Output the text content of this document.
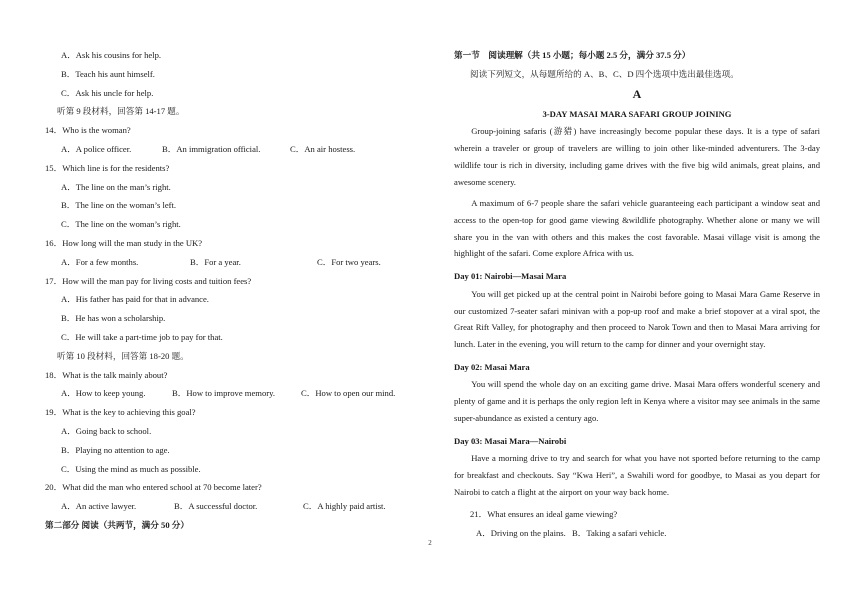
A．Ask his cousins for help.
B．Teach his aunt himself.
C．Ask his uncle for help.
听第 9 段材料，回答第 14-17 题。
14．Who is the woman?
A．A police officer.	B．An immigration official.	C．An air hostess.
15．Which line is for the residents?
A．The line on the man’s right.
B．The line on the woman’s left.
C．The line on the woman’s right.
16．How long will the man study in the UK?
A．For a few months.	B．For a year.	C．For two years.
17．How will the man pay for living costs and tuition fees?
A．His father has paid for that in advance.
B．He has won a scholarship.
C．He will take a part-time job to pay for that.
听第 10 段材料，回答第 18-20 题。
18．What is the talk mainly about?
A．How to keep young.	B．How to improve memory.	C．How to open our mind.
19．What is the key to achieving this goal?
A．Going back to school.
B．Playing no attention to age.
C．Using the mind as much as possible.
20．What did the man who entered school at 70 become later?
A．An active lawyer.	B．A successful doctor.	C．A highly paid artist.
第二部分 阅读（共两节，满分 50 分）
第一节　阅读理解（共 15 小题；每小题 2.5 分，满分 37.5 分）
阅读下列短文，从每题所给的 A、B、C、D 四个选项中选出最佳选项。
A
3-DAY MASAI MARA SAFARI GROUP JOINING

Group-joining safaris (游猎) have increasingly become popular these days. It is a type of safari wherein a traveler or group of travelers are willing to join other like-minded adventurers. The 3-day wildlife tour is rich in diversity, including game drives with the five big wild animals, great plains, and awesome scenery.

A maximum of 6-7 people share the safari vehicle guaranteeing each participant a window seat and access to the open-top for good game viewing &wildlife photography. Whether alone or many we will share you in the van with others and this makes the cost favorable. Masai village visit is among the highlight of the safari. Come explore Africa with us.

Day 01: Nairobi—Masai Mara

You will get picked up at the central point in Nairobi before going to Masai Mara Game Reserve in our customized 7-seater safari minivan with a pop-up roof and make a brief stopover at a viral spot, the Great Rift Valley, for photography and then proceed to Narok Town and then to Masai Mara arriving for lunch. Later in the evening, you will return to the camp for dinner and your overnight stay.

Day 02: Masai Mara

You will spend the whole day on an exciting game drive. Masai Mara offers wonderful scenery and plenty of game and it is perhaps the only region left in Kenya where a visitor may see animals in the same super-abundance as existed a century ago.

Day 03: Masai Mara—Nairobi

Have a morning drive to try and search for what you have not sported before returning to the camp for breakfast and checkouts. Say “Kwa Heri”, a Swahili word for goodbye, to Masai as you depart for Nairobi to catch a flight at the airport on your way back home.

21．What ensures an ideal game viewing?
A．Driving on the plains. B．Taking a safari vehicle.
2
